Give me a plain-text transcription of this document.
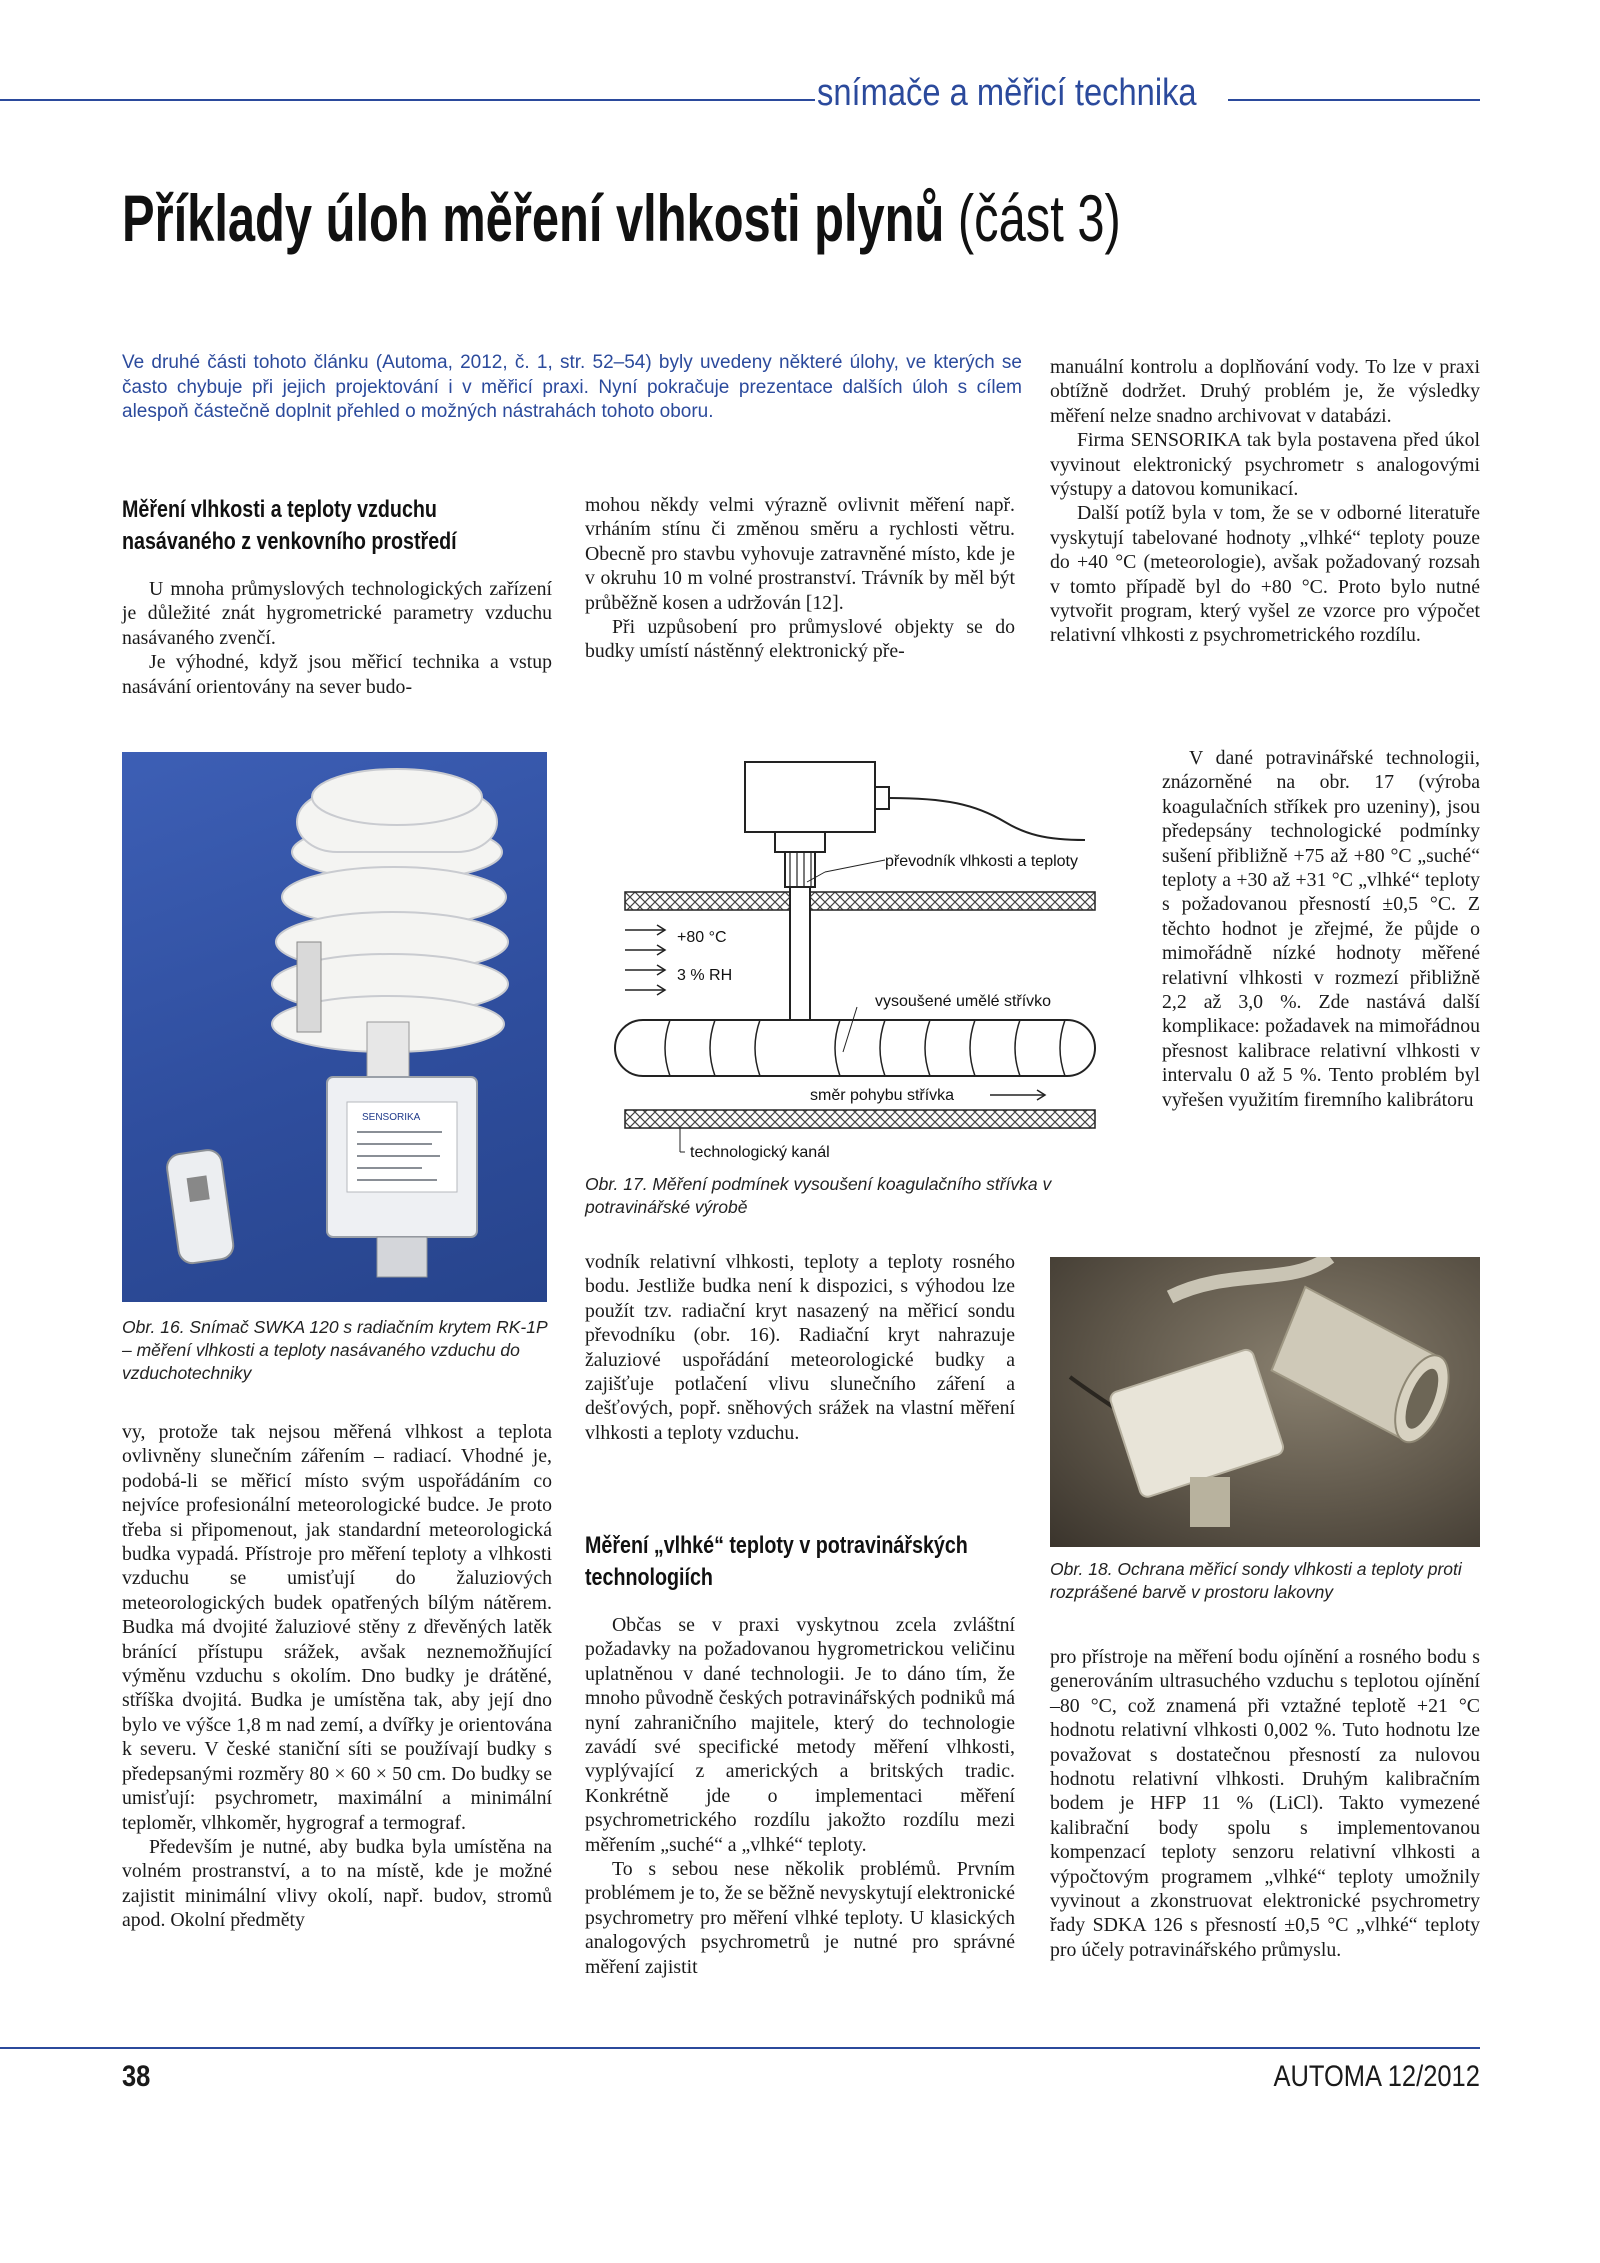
snímače a měřicí technika
Příklady úloh měření vlhkosti plynů (část 3)
Ve druhé části tohoto článku (Automa, 2012, č. 1, str. 52–54) byly uvedeny některé úlohy, ve kterých se často chybuje při jejich projektování i v měřicí praxi. Nyní pokračuje prezentace dalších úloh s cílem alespoň částečně doplnit přehled o možných nástrahách tohoto oboru.
Měření vlhkosti a teploty vzduchu nasávaného z venkovního prostředí

U mnoha průmyslových technologických zařízení je důležité znát hygrometrické parametry vzduchu nasávaného zvenčí.

Je výhodné, když jsou měřicí technika a vstup nasávání orientovány na sever budo-

mohou někdy velmi výrazně ovlivnit měření např. vrháním stínu či změnou směru a rychlosti větru. Obecně pro stavbu vyhovuje zatravněné místo, kde je v okruhu 10 m volné prostranství. Trávník by měl být průběžně kosen a udržován [12].

Při uzpůsobení pro průmyslové objekty se do budky umístí nástěnný elektronický pře-

manuální kontrolu a doplňování vody. To lze v praxi obtížně dodržet. Druhý problém je, že výsledky měření nelze snadno archivovat v databázi.

Firma SENSORIKA tak byla postavena před úkol vyvinout elektronický psychrometr s analogovými výstupy a datovou komunikací.

Další potíž byla v tom, že se v odborné literatuře vyskytují tabelované hodnoty „vlhké“ teploty pouze do +40 °C (meteorologie), avšak požadovaný rozsah v tomto případě byl do +80 °C. Proto bylo nutné vytvořit program, který vyšel ze vzorce pro výpočet relativní vlhkosti z psychrometrického rozdílu.

V dané potravinářské technologii, znázorněné na obr. 17 (výroba koagulačních stříkek pro uzeniny), jsou předepsány technologické podmínky sušení přibližně +75 až +80 °C „suché“ teploty a +30 až +31 °C „vlhké“ teploty s požadovanou přesností ±0,5 °C. Z těchto hodnot je zřejmé, že půjde o mimořádně nízké hodnoty měřené relativní vlhkosti v rozmezí přibližně 2,2 až 3,0 %. Zde nastává další komplikace: požadavek na mimořádnou přesnost kalibrace relativní vlhkosti v intervalu 0 až 5 %. Tento problém byl vyřešen využitím firemního kalibrátoru

SENSORIKA
Obr. 16. Snímač SWKA 120 s radiačním krytem RK-1P – měření vlhkosti a teploty nasávaného vzduchu do vzduchotechniky
převodník vlhkosti a teploty
+80 °C
3 % RH
vysoušené umělé střívko
směr pohybu střívka
technologický kanál
Obr. 17. Měření podmínek vysoušení koagulačního střívka v potravinářské výrobě

vy, protože tak nejsou měřená vlhkost a teplota ovlivněny slunečním zářením – radiací. Vhodné je, podobá-li se měřicí místo svým uspořádáním co nejvíce profesionální meteorologické budce. Je proto třeba si připomenout, jak standardní meteorologická budka vypadá. Přístroje pro měření teploty a vlhkosti vzduchu se umisťují do žaluziových meteorologických budek opatřených bílým nátěrem. Budka má dvojité žaluziové stěny z dřevěných latěk bránící přístupu srážek, avšak neznemožňující výměnu vzduchu s okolím. Dno budky je drátěné, stříška dvojitá. Budka je umístěna tak, aby její dno bylo ve výšce 1,8 m nad zemí, a dvířky je orientována k severu. V české staniční síti se používají budky s předepsanými rozměry 80 × 60 × 50 cm. Do budky se umisťují: psychrometr, maximální a minimální teploměr, vlhkoměr, hygrograf a termograf.

Především je nutné, aby budka byla umístěna na volném prostranství, a to na místě, kde je možné zajistit minimální vlivy okolí, např. budov, stromů apod. Okolní předměty

vodník relativní vlhkosti, teploty a teploty rosného bodu. Jestliže budka není k dispozici, s výhodou lze použít tzv. radiační kryt nasazený na měřicí sondu převodníku (obr. 16). Radiační kryt nahrazuje žaluziové uspořádání meteorologické budky a zajišťuje potlačení vlivu slunečního záření a dešťových, popř. sněhových srážek na vlastní měření vlhkosti a teploty vzduchu.

Měření „vlhké“ teploty v potravinářských technologiích

Občas se v praxi vyskytnou zcela zvláštní požadavky na požadovanou hygrometrickou veličinu uplatněnou v dané technologii. Je to dáno tím, že mnoho původně českých potravinářských podniků má nyní zahraničního majitele, který do technologie zavádí své specifické metody měření vlhkosti, vyplývající z amerických a britských tradic. Konkrétně jde o implementaci měření psychrometrického rozdílu jakožto rozdílu mezi měřením „suché“ a „vlhké“ teploty.

To s sebou nese několik problémů. Prvním problémem je to, že se běžně nevyskytují elektronické psychrometry pro měření vlhké teploty. U klasických analogových psychrometrů je nutné pro správné měření zajistit

Obr. 18. Ochrana měřicí sondy vlhkosti a teploty proti rozprášené barvě v prostoru lakovny

pro přístroje na měření bodu ojínění a rosného bodu s generováním ultrasuchého vzduchu s teplotou ojínění –80 °C, což znamená při vztažné teplotě +21 °C hodnotu relativní vlhkosti 0,002 %. Tuto hodnotu lze považovat s dostatečnou přesností za nulovou hodnotu relativní vlhkosti. Druhým kalibračním bodem je HFP 11 % (LiCl). Takto vymezené kalibrační body spolu s implementovanou kompenzací teploty senzoru relativní vlhkosti a výpočtovým programem „vlhké“ teploty umožnily vyvinout a zkonstruovat elektronické psychrometry řady SDKA 126 s přesností ±0,5 °C „vlhké“ teploty pro účely potravinářského průmyslu.

38	AUTOMA 12/2012
